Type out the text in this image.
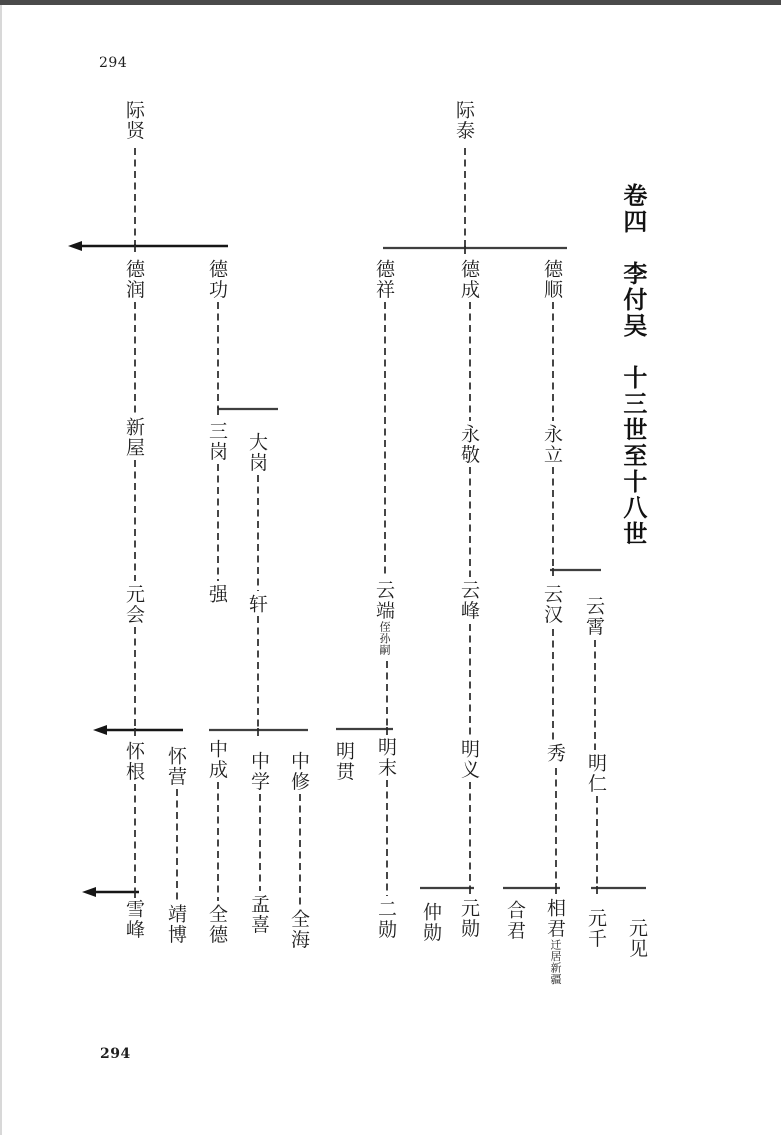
294
卷四　李付吴　十三世至十八世
际贤	际泰
德润	德功	德祥	德成	德顺
新屋	三岗 大岗	永敬	永立
元会	强 轩	云端侄孙嗣
云峰	云汉 云霄
怀根 怀营 中成 中学 中修 明贯 明末	明义	秀 明仁
雪峰 靖博 全德 孟喜 全海	二勋 仲勋 元勋 合君 相君迁居新疆
元千 元见
294
